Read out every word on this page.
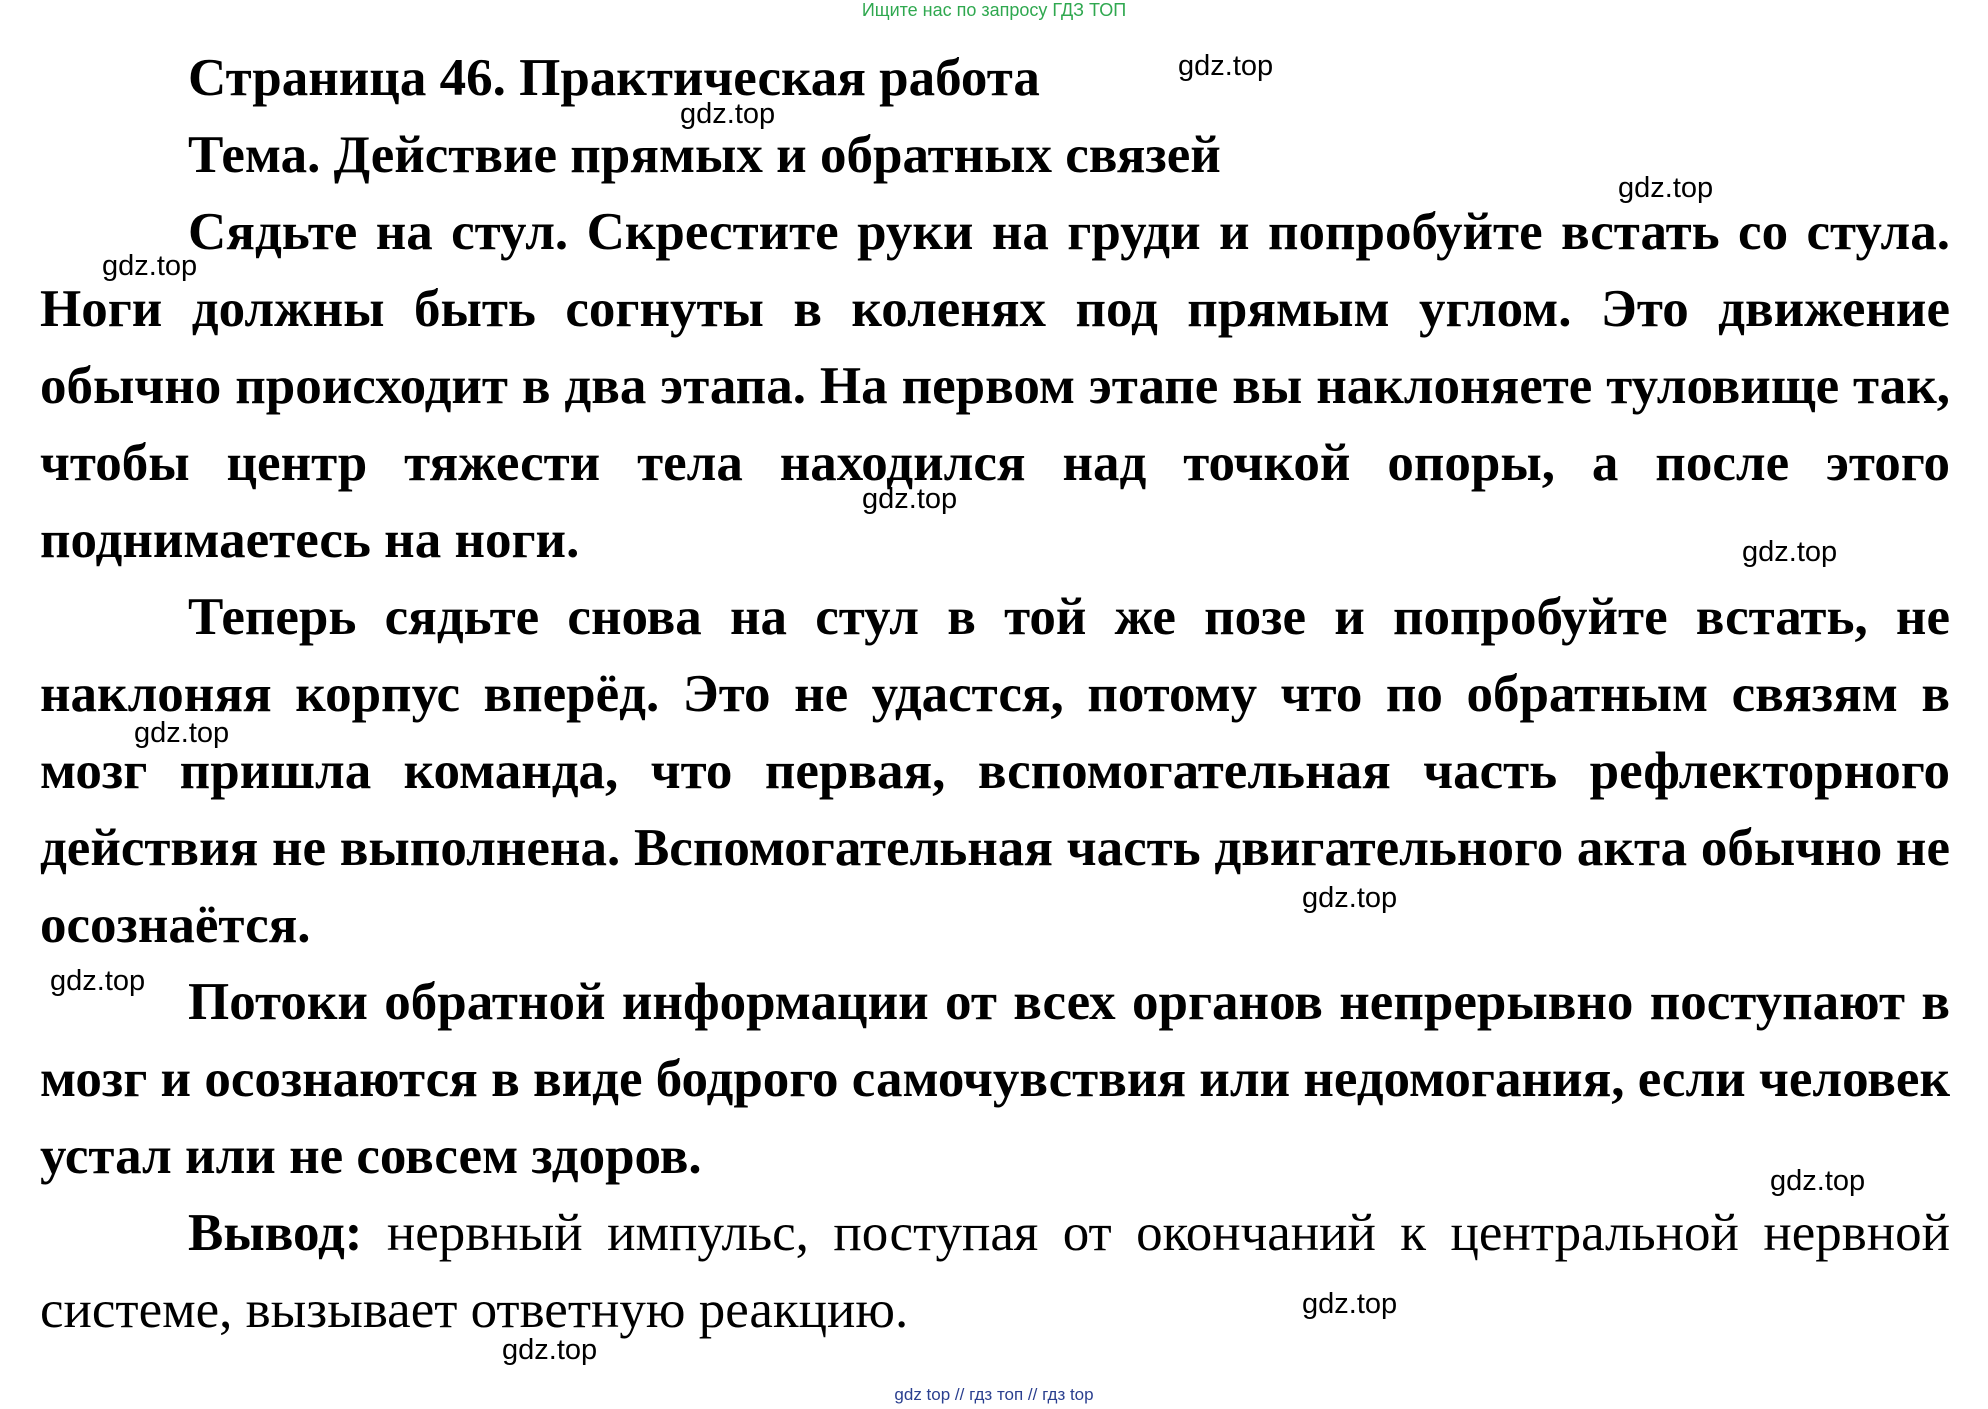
Ищите нас по запросу ГДЗ ТОП
Страница 46. Практическая работа
Тема. Действие прямых и обратных связей

Сядьте на стул. Скрестите руки на груди и попробуйте встать со стула. Ноги должны быть согнуты в коленях под прямым углом. Это движение обычно происходит в два этапа. На первом этапе вы наклоняете туловище так, чтобы центр тяжести тела находился над точкой опоры, а после этого поднимаетесь на ноги.

Теперь сядьте снова на стул в той же позе и попробуйте встать, не наклоняя корпус вперёд. Это не удастся, потому что по обратным связям в мозг пришла команда, что первая, вспомогательная часть рефлекторного действия не выполнена. Вспомогательная часть двигательного акта обычно не осознаётся.

Потоки обратной информации от всех органов непрерывно поступают в мозг и осознаются в виде бодрого самочувствия или недомогания, если человек устал или не совсем здоров.

Вывод: нервный импульс, поступая от окончаний к центральной нервной системе, вызывает ответную реакцию.

gdz.top
gdz.top
gdz.top
gdz.top
gdz.top
gdz.top
gdz.top
gdz.top
gdz.top
gdz.top
gdz.top
gdz.top
gdz top // гдз топ // гдз top
